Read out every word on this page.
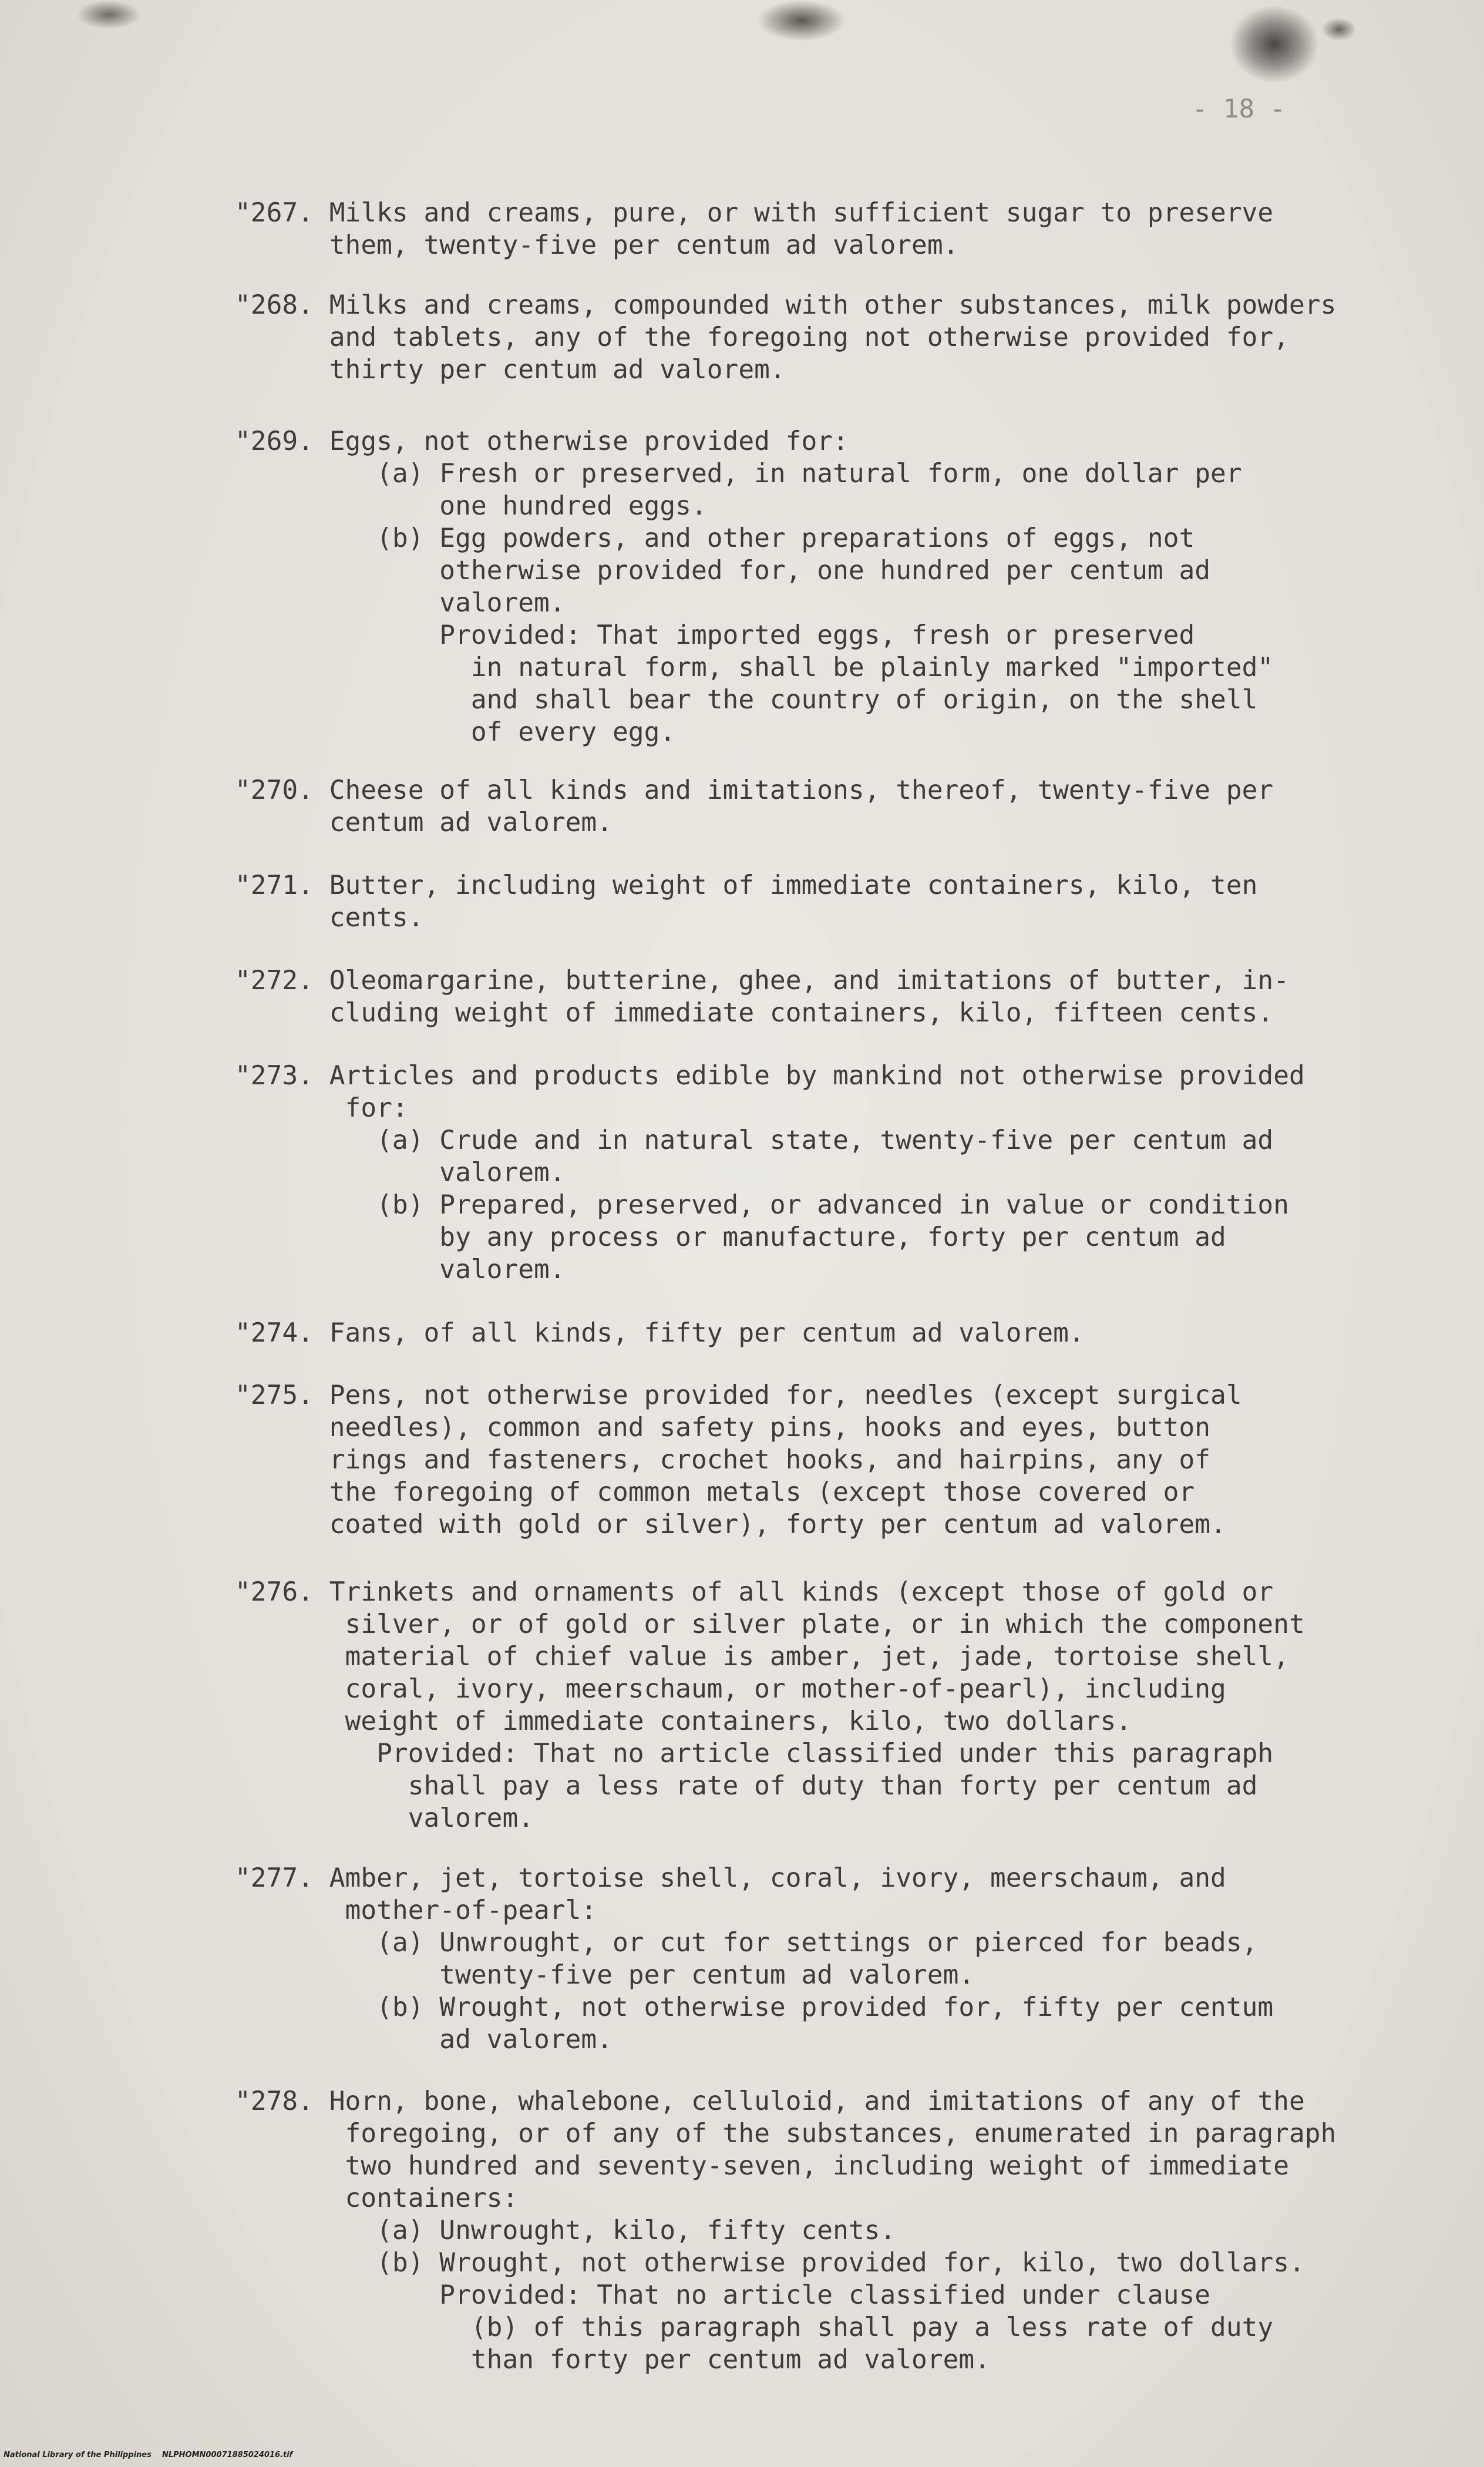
- 18 -
"267. Milks and creams, pure, or with sufficient sugar to preserve
them, twenty-five per centum ad valorem.
"268. Milks and creams, compounded with other substances, milk powders
and tablets, any of the foregoing not otherwise provided for,
thirty per centum ad valorem.
"269. Eggs, not otherwise provided for:
(a) Fresh or preserved, in natural form, one dollar per
one hundred eggs.
(b) Egg powders, and other preparations of eggs, not
otherwise provided for, one hundred per centum ad
valorem.
Provided: That imported eggs, fresh or preserved
in natural form, shall be plainly marked "imported"
and shall bear the country of origin, on the shell
of every egg.
"270. Cheese of all kinds and imitations, thereof, twenty-five per
centum ad valorem.
"271. Butter, including weight of immediate containers, kilo, ten
cents.
"272. Oleomargarine, butterine, ghee, and imitations of butter, in-
cluding weight of immediate containers, kilo, fifteen cents.
"273. Articles and products edible by mankind not otherwise provided
for:
(a) Crude and in natural state, twenty-five per centum ad
valorem.
(b) Prepared, preserved, or advanced in value or condition
by any process or manufacture, forty per centum ad
valorem.
"274. Fans, of all kinds, fifty per centum ad valorem.
"275. Pens, not otherwise provided for, needles (except surgical
needles), common and safety pins, hooks and eyes, button
rings and fasteners, crochet hooks, and hairpins, any of
the foregoing of common metals (except those covered or
coated with gold or silver), forty per centum ad valorem.
"276. Trinkets and ornaments of all kinds (except those of gold or
silver, or of gold or silver plate, or in which the component
material of chief value is amber, jet, jade, tortoise shell,
coral, ivory, meerschaum, or mother-of-pearl), including
weight of immediate containers, kilo, two dollars.
Provided: That no article classified under this paragraph
shall pay a less rate of duty than forty per centum ad
valorem.
"277. Amber, jet, tortoise shell, coral, ivory, meerschaum, and
mother-of-pearl:
(a) Unwrought, or cut for settings or pierced for beads,
twenty-five per centum ad valorem.
(b) Wrought, not otherwise provided for, fifty per centum
ad valorem.
"278. Horn, bone, whalebone, celluloid, and imitations of any of the
foregoing, or of any of the substances, enumerated in paragraph
two hundred and seventy-seven, including weight of immediate
containers:
(a) Unwrought, kilo, fifty cents.
(b) Wrought, not otherwise provided for, kilo, two dollars.
Provided: That no article classified under clause
(b) of this paragraph shall pay a less rate of duty
than forty per centum ad valorem.
National Library of the Philippines    NLPHOMN00071885024016.tif
